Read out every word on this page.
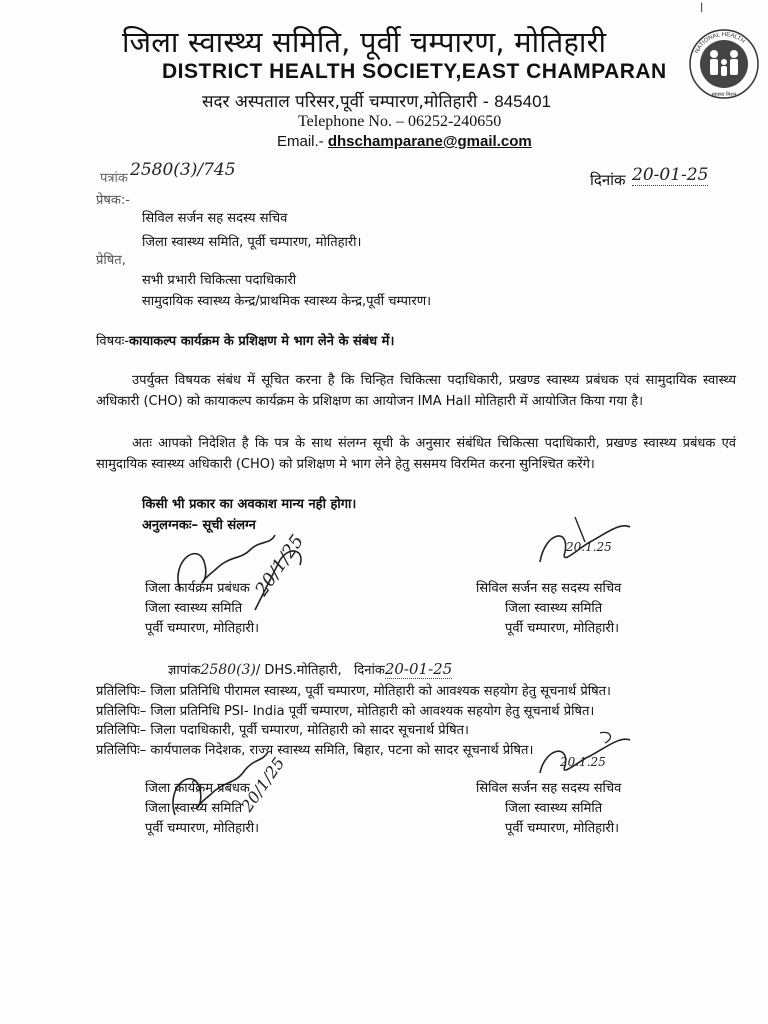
जिला स्वास्थ्य समिति, पूर्वी चम्पारण, मोतिहारी
DISTRICT HEALTH SOCIETY,EAST CHAMPARAN
सदर अस्पताल परिसर,पूर्वी चम्पारण,मोतिहारी - 845401
Telephone No. – 06252-240650
Email.- dhschamparane@gmail.com
|
NATIONAL HEALTH
स्वास्थ्य मिशन
पत्रांक 2580(3)/745	दिनांक 20-01-25
प्रेषक:-
सिविल सर्जन सह सदस्य सचिव
जिला स्वास्थ्य समिति, पूर्वी चम्पारण, मोतिहारी।
प्रेषित,
सभी प्रभारी चिकित्सा पदाधिकारी
सामुदायिक स्वास्थ्य केन्द्र/प्राथमिक स्वास्थ्य केन्द्र,पूर्वी चम्पारण।
विषयः-कायाकल्प कार्यक्रम के प्रशिक्षण मे भाग लेने के संबंध में।
उपर्युक्त विषयक संबंध में सूचित करना है कि चिन्हित चिकित्सा पदाधिकारी, प्रखण्ड स्वास्थ्य प्रबंधक एवं सामुदायिक स्वास्थ्य अधिकारी (CHO) को कायाकल्प कार्यक्रम के प्रशिक्षण का आयोजन IMA Hall मोतिहारी में आयोजित किया गया है।
अतः आपको निदेशित है कि पत्र के साथ संलग्न सूची के अनुसार संबंधित चिकित्सा पदाधिकारी, प्रखण्ड स्वास्थ्य प्रबंधक एवं सामुदायिक स्वास्थ्य अधिकारी (CHO) को प्रशिक्षण मे भाग लेने हेतु ससमय विरमित करना सुनिश्चित करेंगे।
किसी भी प्रकार का अवकाश मान्य नही होगा।
अनुलग्नकः– सूची संलग्न
20/1/25	20.1.25
जिला कार्यक्रम प्रबंधक
जिला स्वास्थ्य समिति
पूर्वी चम्पारण, मोतिहारी।
सिविल सर्जन सह सदस्य सचिव
जिला स्वास्थ्य समिति
पूर्वी चम्पारण, मोतिहारी।
ज्ञापांक2580(3)/ DHS.मोतिहारी, दिनांक20-01-25
प्रतिलिपिः– जिला प्रतिनिधि पीरामल स्वास्थ्य, पूर्वी चम्पारण, मोतिहारी को आवश्यक सहयोग हेतु सूचनार्थ प्रेषित।
प्रतिलिपिः– जिला प्रतिनिधि PSI- India पूर्वी चम्पारण, मोतिहारी को आवश्यक सहयोग हेतु सूचनार्थ प्रेषित।
प्रतिलिपिः– जिला पदाधिकारी, पूर्वी चम्पारण, मोतिहारी को सादर सूचनार्थ प्रेषित।
प्रतिलिपिः– कार्यपालक निदेशक, राज्य स्वास्थ्य समिति, बिहार, पटना को सादर सूचनार्थ प्रेषित।
20/1/25	20.1.25
जिला कार्यक्रम प्रबंधक
जिला स्वास्थ्य समिति
पूर्वी चम्पारण, मोतिहारी।
सिविल सर्जन सह सदस्य सचिव
जिला स्वास्थ्य समिति
पूर्वी चम्पारण, मोतिहारी।
